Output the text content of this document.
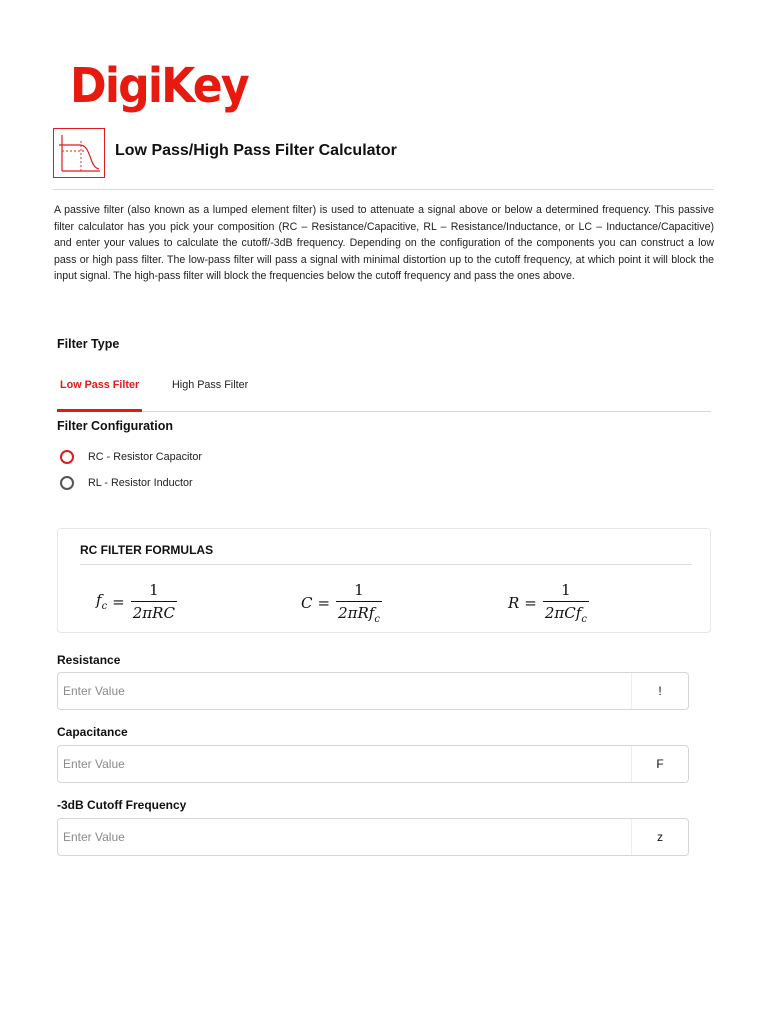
DigiKey
Low Pass/High Pass Filter Calculator
A passive filter (also known as a lumped element filter) is used to attenuate a signal above or below a determined frequency. This passive filter calculator has you pick your composition (RC – Resistance/Capacitive, RL – Resistance/Inductance, or LC – Inductance/Capacitive) and enter your values to calculate the cutoff/-3dB frequency. Depending on the configuration of the components you can construct a low pass or high pass filter. The low-pass filter will pass a signal with minimal distortion up to the cutoff frequency, at which point it will block the input signal. The high-pass filter will block the frequencies below the cutoff frequency and pass the ones above.
Filter Type
Low Pass Filter	High Pass Filter
Filter Configuration
RC - Resistor Capacitor
RL - Resistor Inductor
RC FILTER FORMULAS
$f_c = \frac{1}{\text{2πRC}}$	$C = \frac{1}{2\pi Rf_c}$	$R = \frac{1}{2\pi Cf_c}$
Resistance
Enter Value
!
Capacitance
Enter Value
F
-3dB Cutoff Frequency
Enter Value
z
